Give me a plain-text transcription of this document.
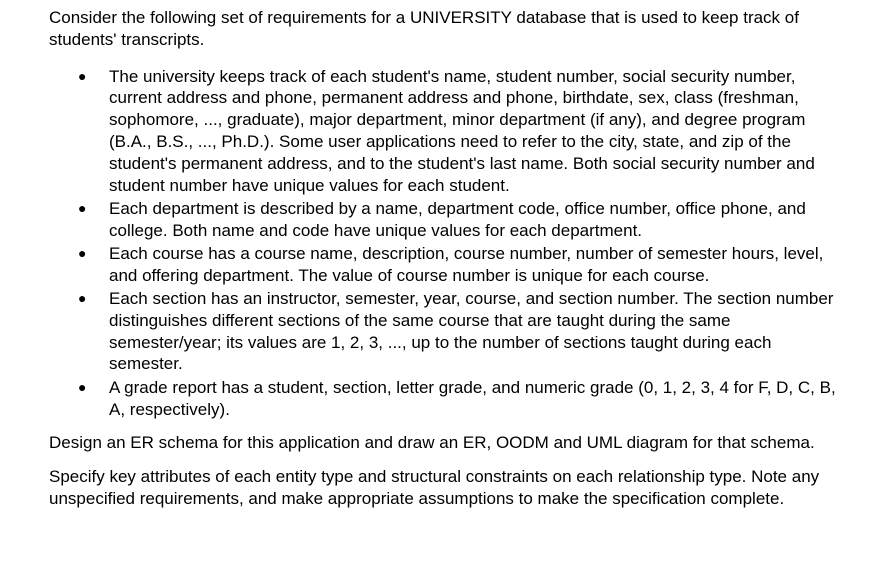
Consider the following set of requirements for a UNIVERSITY database that is used to keep track of students' transcripts.

● The university keeps track of each student's name, student number, social security number, current address and phone, permanent address and phone, birthdate, sex, class (freshman, sophomore, ..., graduate), major department, minor department (if any), and degree program (B.A., B.S., ..., Ph.D.). Some user applications need to refer to the city, state, and zip of the student's permanent address, and to the student's last name. Both social security number and student number have unique values for each student.
● Each department is described by a name, department code, office number, office phone, and college. Both name and code have unique values for each department.
● Each course has a course name, description, course number, number of semester hours, level, and offering department. The value of course number is unique for each course.
● Each section has an instructor, semester, year, course, and section number. The section number distinguishes different sections of the same course that are taught during the same semester/year; its values are 1, 2, 3, ..., up to the number of sections taught during each semester.
● A grade report has a student, section, letter grade, and numeric grade (0, 1, 2, 3, 4 for F, D, C, B, A, respectively).

Design an ER schema for this application and draw an ER, OODM and UML diagram for that schema.

Specify key attributes of each entity type and structural constraints on each relationship type. Note any unspecified requirements, and make appropriate assumptions to make the specification complete.
